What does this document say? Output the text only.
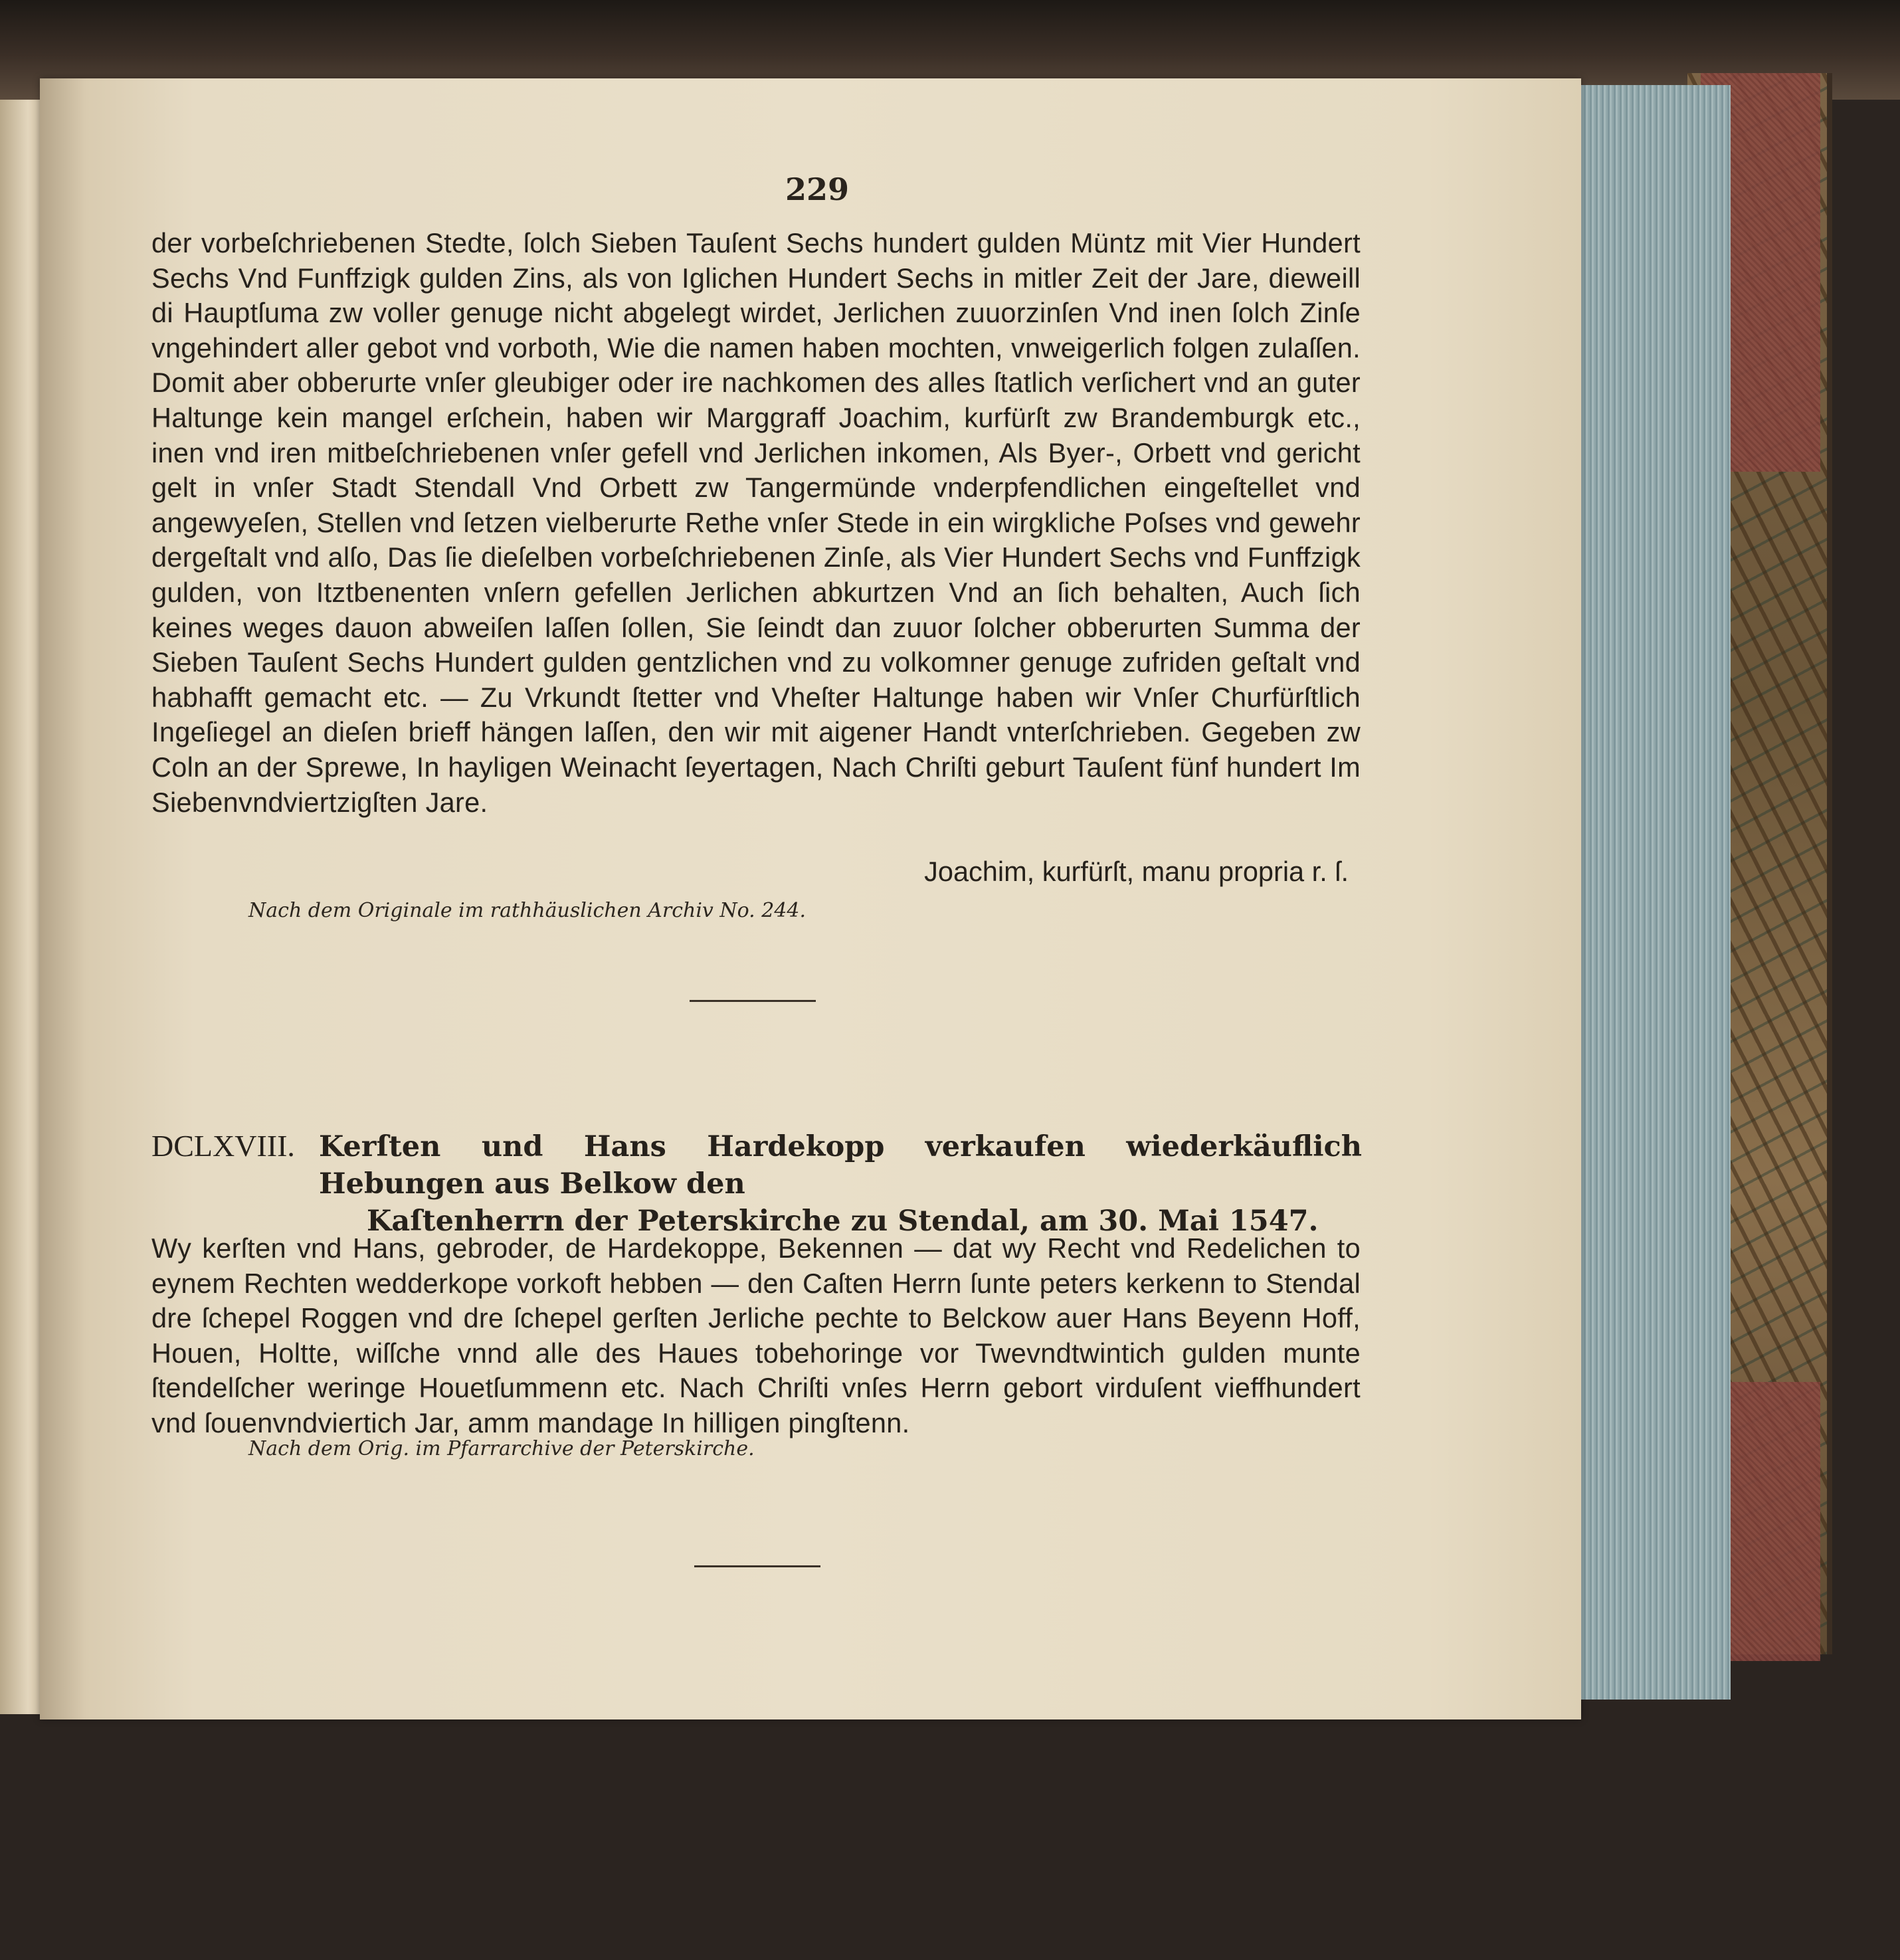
229
der vorbeſchriebenen Stedte, ſolch Sieben Tauſent Sechs hundert gulden Müntz mit Vier Hundert Sechs Vnd Funffzigk gulden Zins, als von Iglichen Hundert Sechs in mitler Zeit der Jare, dieweill di Hauptſuma zw voller genuge nicht abgelegt wirdet, Jerlichen zuuorzinſen Vnd inen ſolch Zinſe vngehindert aller gebot vnd vorboth, Wie die namen haben mochten, vnweigerlich folgen zulaſſen. Domit aber obberurte vnſer gleubiger oder ire nachkomen des alles ſtatlich verſichert vnd an guter Haltunge kein mangel erſchein, haben wir Marggraff Joachim, kurfürſt zw Brandemburgk etc., inen vnd iren mitbeſchriebenen vnſer gefell vnd Jerlichen inkomen, Als Byer-, Orbett vnd gericht gelt in vnſer Stadt Stendall Vnd Orbett zw Tangermünde vnderpfendlichen eingeſtellet vnd angewyeſen, Stellen vnd ſetzen vielberurte Rethe vnſer Stede in ein wirgkliche Poſses vnd gewehr dergeſtalt vnd alſo, Das ſie dieſelben vorbeſchriebenen Zinſe, als Vier Hundert Sechs vnd Funffzigk gulden, von Itztbenenten vnſern gefellen Jerlichen abkurtzen Vnd an ſich behalten, Auch ſich keines weges dauon abweiſen laſſen ſollen, Sie ſeindt dan zuuor ſolcher obberurten Summa der Sieben Tauſent Sechs Hundert gulden gentzlichen vnd zu volkomner genuge zufriden geſtalt vnd habhafft gemacht etc. — Zu Vrkundt ſtetter vnd Vheſter Haltunge haben wir Vnſer Churfürſtlich Ingeſiegel an dieſen brieff hängen laſſen, den wir mit aigener Handt vnterſchrieben. Gegeben zw Coln an der Sprewe, In hayligen Weinacht ſeyertagen, Nach Chriſti geburt Tauſent fünf hundert Im Siebenvndviertzigſten Jare.
Joachim, kurfürſt, manu propria r. ſ.
Nach dem Originale im rathhäuslichen Archiv No. 244.
DCLXVIII. Kerſten und Hans Hardekopp verkaufen wiederkäuflich Hebungen aus Belkow den
Kaſtenherrn der Peterskirche zu Stendal, am 30. Mai 1547.
Wy kerſten vnd Hans, gebroder, de Hardekoppe, Bekennen — dat wy Recht vnd Redelichen to eynem Rechten wedderkope vorkoft hebben — den Caſten Herrn ſunte peters kerkenn to Stendal dre ſchepel Roggen vnd dre ſchepel gerſten Jerliche pechte to Belckow auer Hans Beyenn Hoff, Houen, Holtte, wiſſche vnnd alle des Haues tobehoringe vor Twevndtwintich gulden munte ſtendelſcher weringe Houetſummenn etc. Nach Chriſti vnſes Herrn gebort virduſent vieffhundert vnd ſouenvndviertich Jar, amm mandage In hilligen pingſtenn.
Nach dem Orig. im Pfarrarchive der Peterskirche.
